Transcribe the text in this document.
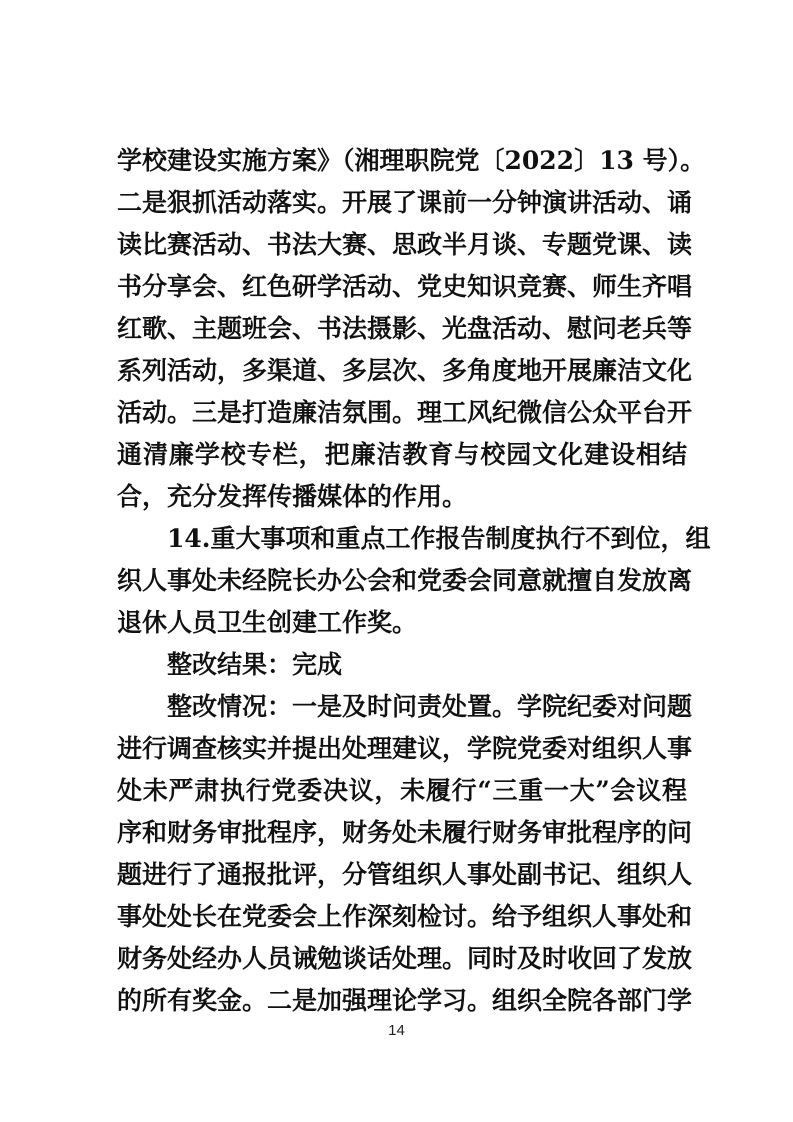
学校建设实施方案》（湘理职院党〔2022〕13 号）。
二是狠抓活动落实。开展了课前一分钟演讲活动、诵
读比赛活动、书法大赛、思政半月谈、专题党课、读
书分享会、红色研学活动、党史知识竞赛、师生齐唱
红歌、主题班会、书法摄影、光盘活动、慰问老兵等
系列活动，多渠道、多层次、多角度地开展廉洁文化
活动。三是打造廉洁氛围。理工风纪微信公众平台开
通清廉学校专栏，把廉洁教育与校园文化建设相结
合，充分发挥传播媒体的作用。
14.重大事项和重点工作报告制度执行不到位，组
织人事处未经院长办公会和党委会同意就擅自发放离
退休人员卫生创建工作奖。
整改结果：完成
整改情况：一是及时问责处置。学院纪委对问题
进行调查核实并提出处理建议，学院党委对组织人事
处未严肃执行党委决议，未履行“三重一大”会议程
序和财务审批程序，财务处未履行财务审批程序的问
题进行了通报批评，分管组织人事处副书记、组织人
事处处长在党委会上作深刻检讨。给予组织人事处和
财务处经办人员诫勉谈话处理。同时及时收回了发放
的所有奖金。二是加强理论学习。组织全院各部门学
14
